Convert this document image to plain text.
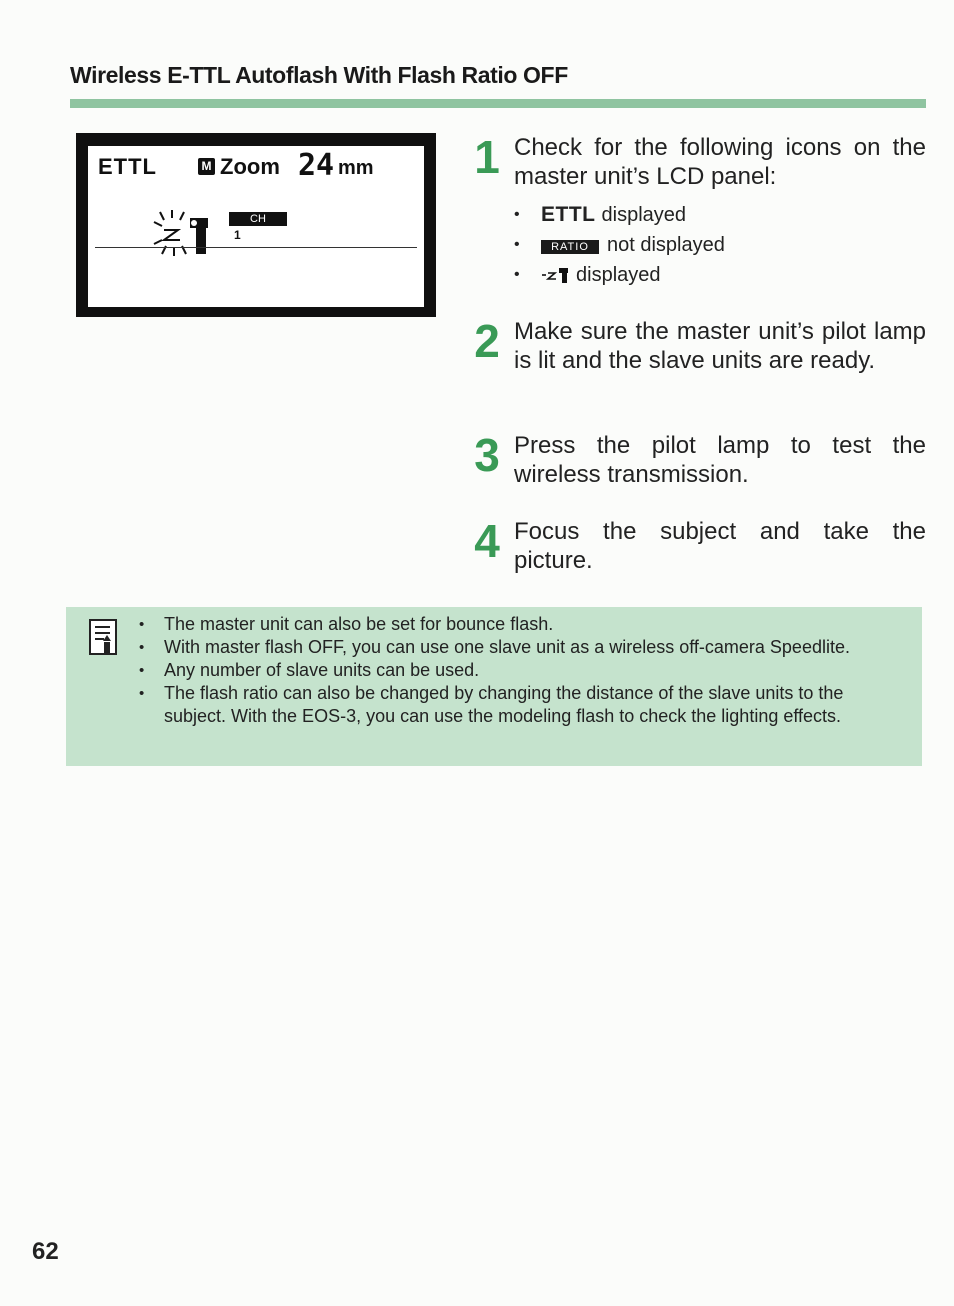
Wireless E-TTL Autoflash With Flash Ratio OFF
ETTL	M Zoom 24 mm
CH
1
1 Check for the following icons on the master unit’s LCD panel:
• ETTL displayed
• RATIO not displayed
• displayed
2 Make sure the master unit’s pilot lamp is lit and the slave units are ready.
3 Press the pilot lamp to test the wireless transmission.
4 Focus the subject and take the picture.
• The master unit can also be set for bounce flash.
• With master flash OFF, you can use one slave unit as a wireless off-camera Speedlite.
• Any number of slave units can be used.
• The flash ratio can also be changed by changing the distance of the slave units to the subject. With the EOS-3, you can use the modeling flash to check the lighting effects.
62
